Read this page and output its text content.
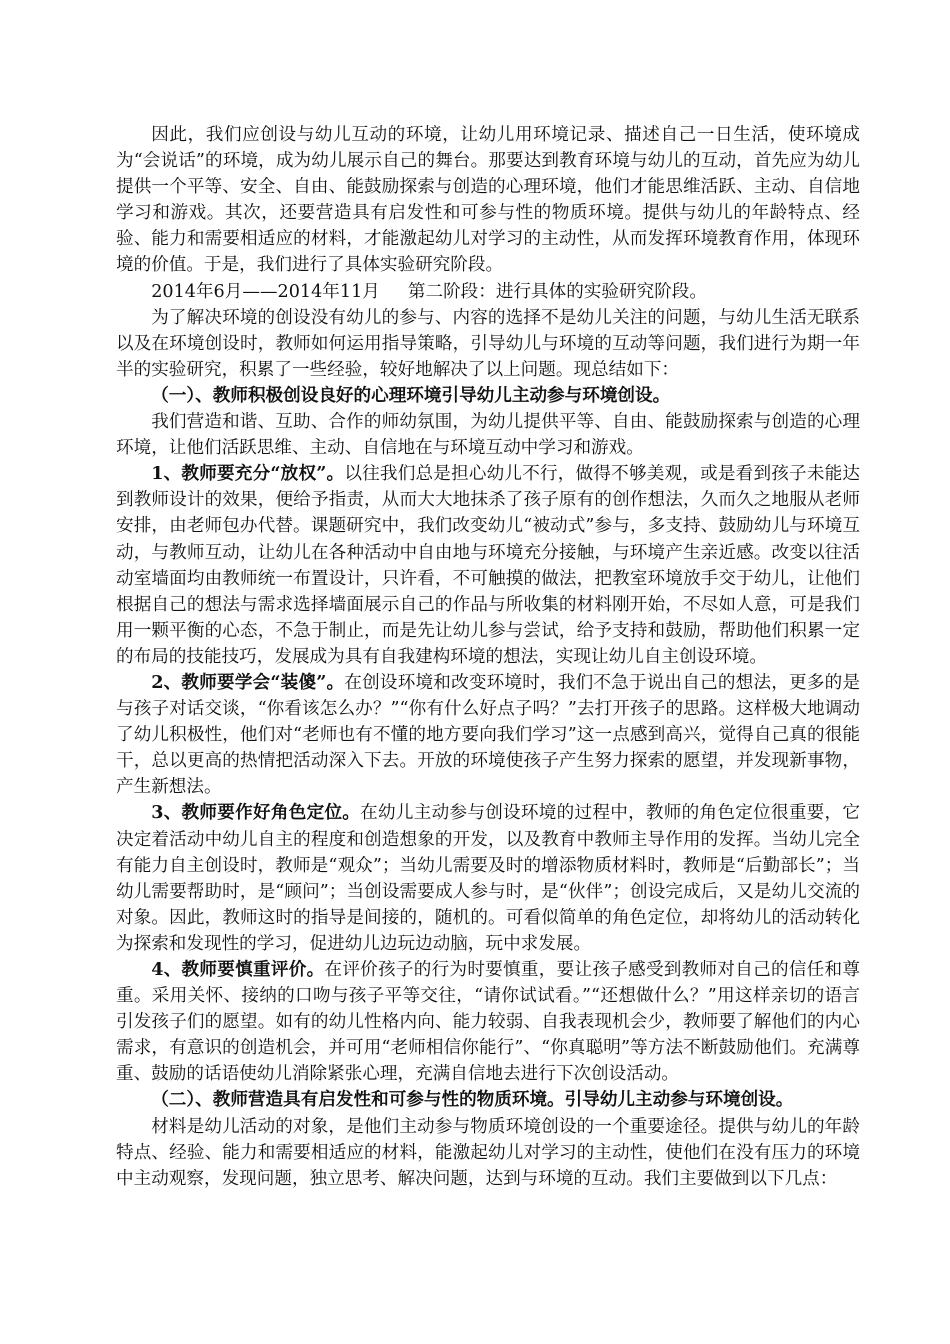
因此，我们应创设与幼儿互动的环境，让幼儿用环境记录、描述自己一日生活，使环境成为“会说话”的环境，成为幼儿展示自己的舞台。那要达到教育环境与幼儿的互动，首先应为幼儿提供一个平等、安全、自由、能鼓励探索与创造的心理环境，他们才能思维活跃、主动、自信地学习和游戏。其次，还要营造具有启发性和可参与性的物质环境。提供与幼儿的年龄特点、经验、能力和需要相适应的材料，才能激起幼儿对学习的主动性，从而发挥环境教育作用，体现环境的价值。于是，我们进行了具体实验研究阶段。

2014年6月——2014年11月 第二阶段：进行具体的实验研究阶段。

为了解决环境的创设没有幼儿的参与、内容的选择不是幼儿关注的问题，与幼儿生活无联系以及在环境创设时，教师如何运用指导策略，引导幼儿与环境的互动等问题，我们进行为期一年半的实验研究，积累了一些经验，较好地解决了以上问题。现总结如下：

（一）、教师积极创设良好的心理环境引导幼儿主动参与环境创设。

我们营造和谐、互助、合作的师幼氛围，为幼儿提供平等、自由、能鼓励探索与创造的心理环境，让他们活跃思维、主动、自信地在与环境互动中学习和游戏。

1、教师要充分“放权”。以往我们总是担心幼儿不行，做得不够美观，或是看到孩子未能达到教师设计的效果，便给予指责，从而大大地抹杀了孩子原有的创作想法，久而久之地服从老师安排，由老师包办代替。课题研究中，我们改变幼儿“被动式”参与，多支持、鼓励幼儿与环境互动，与教师互动，让幼儿在各种活动中自由地与环境充分接触，与环境产生亲近感。改变以往活动室墙面均由教师统一布置设计，只许看，不可触摸的做法，把教室环境放手交于幼儿，让他们根据自己的想法与需求选择墙面展示自己的作品与所收集的材料刚开始，不尽如人意，可是我们用一颗平衡的心态，不急于制止，而是先让幼儿参与尝试，给予支持和鼓励，帮助他们积累一定的布局的技能技巧，发展成为具有自我建构环境的想法，实现让幼儿自主创设环境。

2、教师要学会“装傻”。在创设环境和改变环境时，我们不急于说出自己的想法，更多的是与孩子对话交谈，“你看该怎么办？”“你有什么好点子吗？”去打开孩子的思路。这样极大地调动了幼儿积极性，他们对“老师也有不懂的地方要向我们学习”这一点感到高兴，觉得自己真的很能干，总以更高的热情把活动深入下去。开放的环境使孩子产生努力探索的愿望，并发现新事物，产生新想法。

3、教师要作好角色定位。在幼儿主动参与创设环境的过程中，教师的角色定位很重要，它决定着活动中幼儿自主的程度和创造想象的开发，以及教育中教师主导作用的发挥。当幼儿完全有能力自主创设时，教师是“观众”；当幼儿需要及时的增添物质材料时，教师是“后勤部长”；当幼儿需要帮助时，是“顾问”；当创设需要成人参与时，是“伙伴”；创设完成后，又是幼儿交流的对象。因此，教师这时的指导是间接的，随机的。可看似简单的角色定位，却将幼儿的活动转化为探索和发现性的学习，促进幼儿边玩边动脑，玩中求发展。

4、教师要慎重评价。在评价孩子的行为时要慎重，要让孩子感受到教师对自己的信任和尊重。采用关怀、接纳的口吻与孩子平等交往，“请你试试看。”“还想做什么？”用这样亲切的语言引发孩子们的愿望。如有的幼儿性格内向、能力较弱、自我表现机会少，教师要了解他们的内心需求，有意识的创造机会，并可用“老师相信你能行”、“你真聪明”等方法不断鼓励他们。充满尊重、鼓励的话语使幼儿消除紧张心理，充满自信地去进行下次创设活动。

（二）、教师营造具有启发性和可参与性的物质环境。引导幼儿主动参与环境创设。

材料是幼儿活动的对象，是他们主动参与物质环境创设的一个重要途径。提供与幼儿的年龄特点、经验、能力和需要相适应的材料，能激起幼儿对学习的主动性，使他们在没有压力的环境中主动观察，发现问题，独立思考、解决问题，达到与环境的互动。我们主要做到以下几点：
